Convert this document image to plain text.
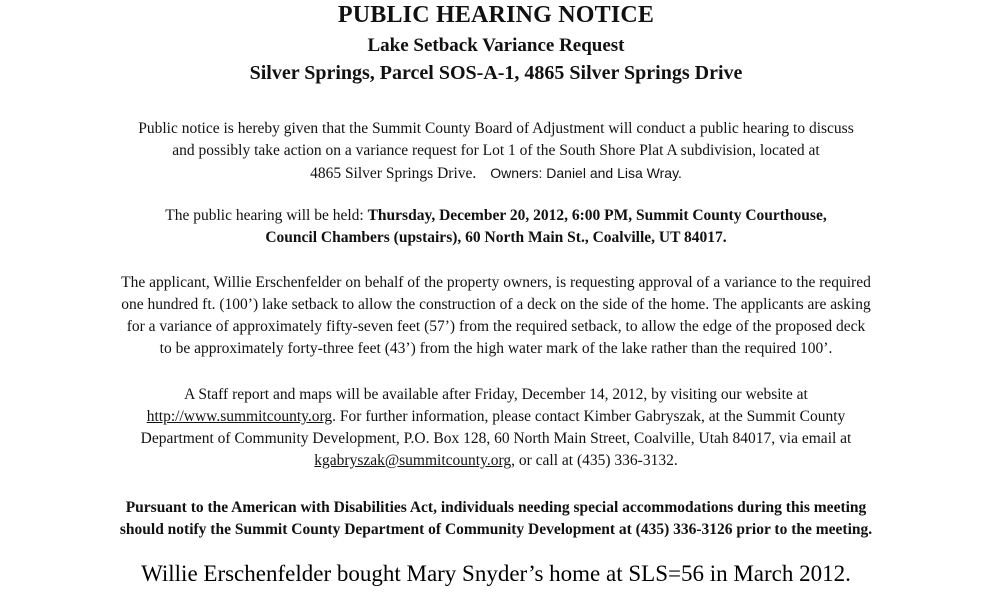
PUBLIC HEARING NOTICE
Lake Setback Variance Request
Silver Springs, Parcel SOS-A-1, 4865 Silver Springs Drive
Public notice is hereby given that the Summit County Board of Adjustment will conduct a public hearing to discuss
and possibly take action on a variance request for Lot 1 of the South Shore Plat A subdivision, located at
4865 Silver Springs Drive. Owners: Daniel and Lisa Wray.
The public hearing will be held: Thursday, December 20, 2012, 6:00 PM, Summit County Courthouse,
Council Chambers (upstairs), 60 North Main St., Coalville, UT 84017.
The applicant, Willie Erschenfelder on behalf of the property owners, is requesting approval of a variance to the required
one hundred ft. (100’) lake setback to allow the construction of a deck on the side of the home. The applicants are asking
for a variance of approximately fifty-seven feet (57’) from the required setback, to allow the edge of the proposed deck
to be approximately forty-three feet (43’) from the high water mark of the lake rather than the required 100’.
A Staff report and maps will be available after Friday, December 14, 2012, by visiting our website at
http://www.summitcounty.org. For further information, please contact Kimber Gabryszak, at the Summit County
Department of Community Development, P.O. Box 128, 60 North Main Street, Coalville, Utah 84017, via email at
kgabryszak@summitcounty.org, or call at (435) 336-3132.
Pursuant to the American with Disabilities Act, individuals needing special accommodations during this meeting
should notify the Summit County Department of Community Development at (435) 336-3126 prior to the meeting.
Willie Erschenfelder bought Mary Snyder’s home at SLS=56 in March 2012.
